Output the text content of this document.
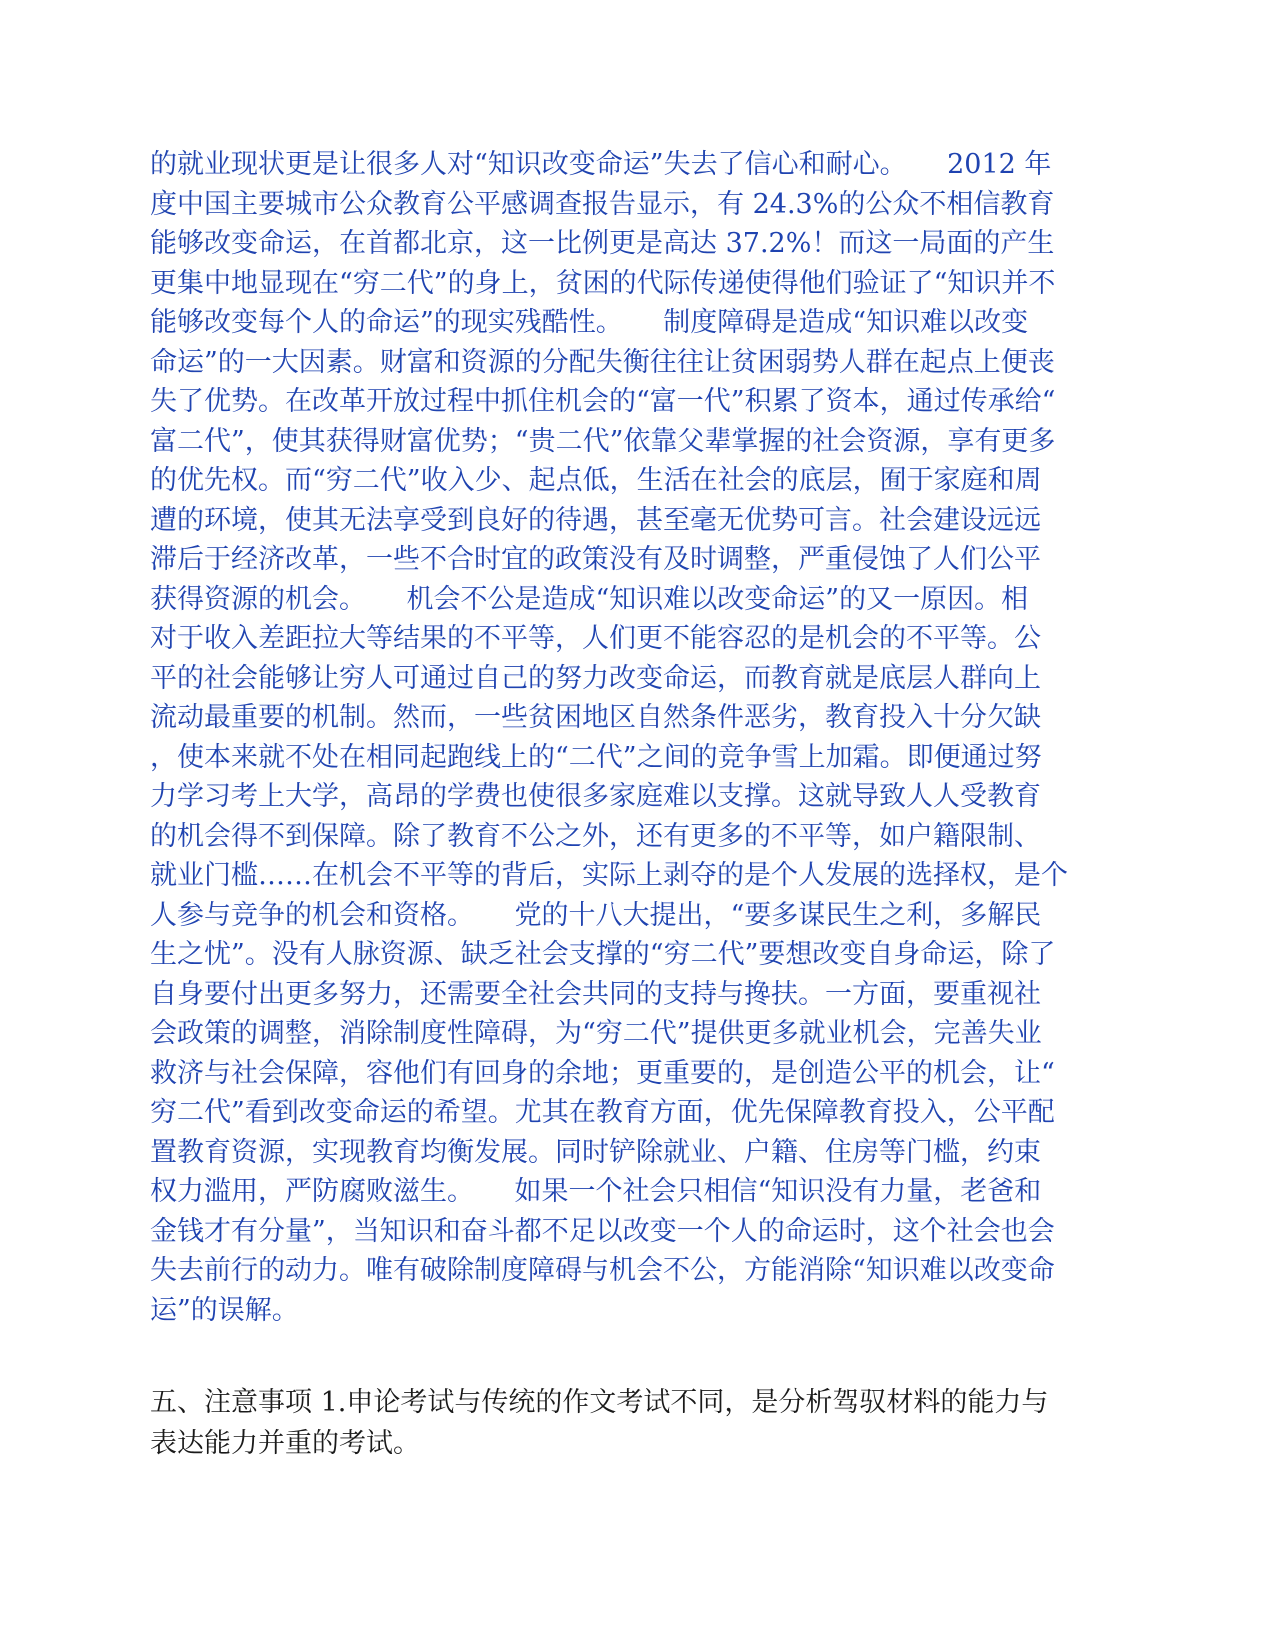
的就业现状更是让很多人对“知识改变命运”失去了信心和耐心。　　2012 年
度中国主要城市公众教育公平感调查报告显示，有 24.3%的公众不相信教育
能够改变命运，在首都北京，这一比例更是高达 37.2%！而这一局面的产生
更集中地显现在“穷二代”的身上，贫困的代际传递使得他们验证了“知识并不
能够改变每个人的命运”的现实残酷性。　　制度障碍是造成“知识难以改变
命运”的一大因素。财富和资源的分配失衡往往让贫困弱势人群在起点上便丧
失了优势。在改革开放过程中抓住机会的“富一代”积累了资本，通过传承给“
富二代”，使其获得财富优势；“贵二代”依靠父辈掌握的社会资源，享有更多
的优先权。而“穷二代”收入少、起点低，生活在社会的底层，囿于家庭和周
遭的环境，使其无法享受到良好的待遇，甚至毫无优势可言。社会建设远远
滞后于经济改革，一些不合时宜的政策没有及时调整，严重侵蚀了人们公平
获得资源的机会。　　机会不公是造成“知识难以改变命运”的又一原因。相
对于收入差距拉大等结果的不平等，人们更不能容忍的是机会的不平等。公
平的社会能够让穷人可通过自己的努力改变命运，而教育就是底层人群向上
流动最重要的机制。然而，一些贫困地区自然条件恶劣，教育投入十分欠缺
，使本来就不处在相同起跑线上的“二代”之间的竞争雪上加霜。即便通过努
力学习考上大学，高昂的学费也使很多家庭难以支撑。这就导致人人受教育
的机会得不到保障。除了教育不公之外，还有更多的不平等，如户籍限制、
就业门槛……在机会不平等的背后，实际上剥夺的是个人发展的选择权，是个
人参与竞争的机会和资格。　　党的十八大提出，“要多谋民生之利，多解民
生之忧”。没有人脉资源、缺乏社会支撑的“穷二代”要想改变自身命运，除了
自身要付出更多努力，还需要全社会共同的支持与搀扶。一方面，要重视社
会政策的调整，消除制度性障碍，为“穷二代”提供更多就业机会，完善失业
救济与社会保障，容他们有回身的余地；更重要的，是创造公平的机会，让“
穷二代”看到改变命运的希望。尤其在教育方面，优先保障教育投入，公平配
置教育资源，实现教育均衡发展。同时铲除就业、户籍、住房等门槛，约束
权力滥用，严防腐败滋生。　　如果一个社会只相信“知识没有力量，老爸和
金钱才有分量”，当知识和奋斗都不足以改变一个人的命运时，这个社会也会
失去前行的动力。唯有破除制度障碍与机会不公，方能消除“知识难以改变命
运”的误解。
五、注意事项 1.申论考试与传统的作文考试不同，是分析驾驭材料的能力与
表达能力并重的考试。
